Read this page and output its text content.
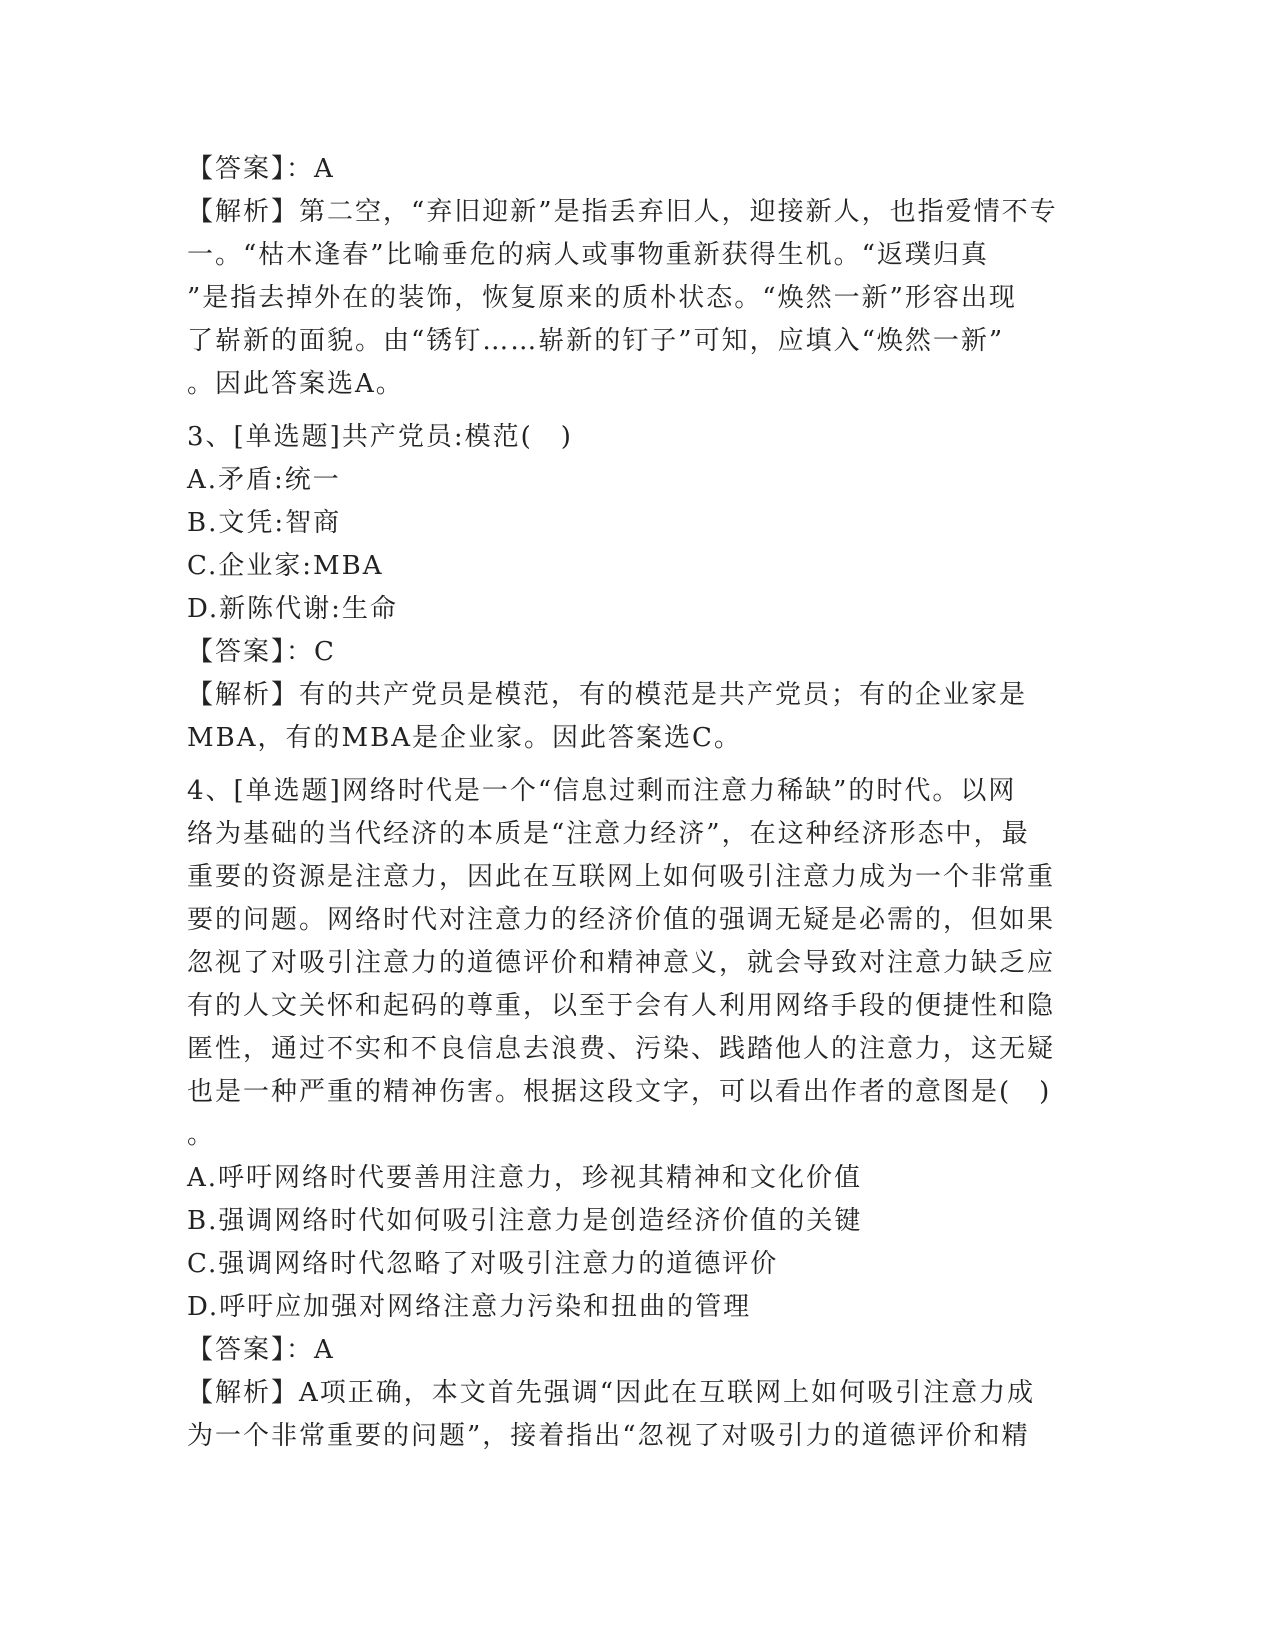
【答案】：A
【解析】第二空，“弃旧迎新”是指丢弃旧人，迎接新人，也指爱情不专
一。“枯木逢春”比喻垂危的病人或事物重新获得生机。“返璞归真
”是指去掉外在的装饰，恢复原来的质朴状态。“焕然一新”形容出现
了崭新的面貌。由“锈钉……崭新的钉子”可知，应填入“焕然一新”
。因此答案选A。
3、[单选题]共产党员:模范(　)
A.矛盾:统一
B.文凭:智商
C.企业家:MBA
D.新陈代谢:生命
【答案】：C
【解析】有的共产党员是模范，有的模范是共产党员；有的企业家是
MBA，有的MBA是企业家。因此答案选C。
4、[单选题]网络时代是一个“信息过剩而注意力稀缺”的时代。以网
络为基础的当代经济的本质是“注意力经济”，在这种经济形态中，最
重要的资源是注意力，因此在互联网上如何吸引注意力成为一个非常重
要的问题。网络时代对注意力的经济价值的强调无疑是必需的，但如果
忽视了对吸引注意力的道德评价和精神意义，就会导致对注意力缺乏应
有的人文关怀和起码的尊重，以至于会有人利用网络手段的便捷性和隐
匿性，通过不实和不良信息去浪费、污染、践踏他人的注意力，这无疑
也是一种严重的精神伤害。根据这段文字，可以看出作者的意图是(　)
。
A.呼吁网络时代要善用注意力，珍视其精神和文化价值
B.强调网络时代如何吸引注意力是创造经济价值的关键
C.强调网络时代忽略了对吸引注意力的道德评价
D.呼吁应加强对网络注意力污染和扭曲的管理
【答案】：A
【解析】A项正确，本文首先强调“因此在互联网上如何吸引注意力成
为一个非常重要的问题”，接着指出“忽视了对吸引力的道德评价和精
